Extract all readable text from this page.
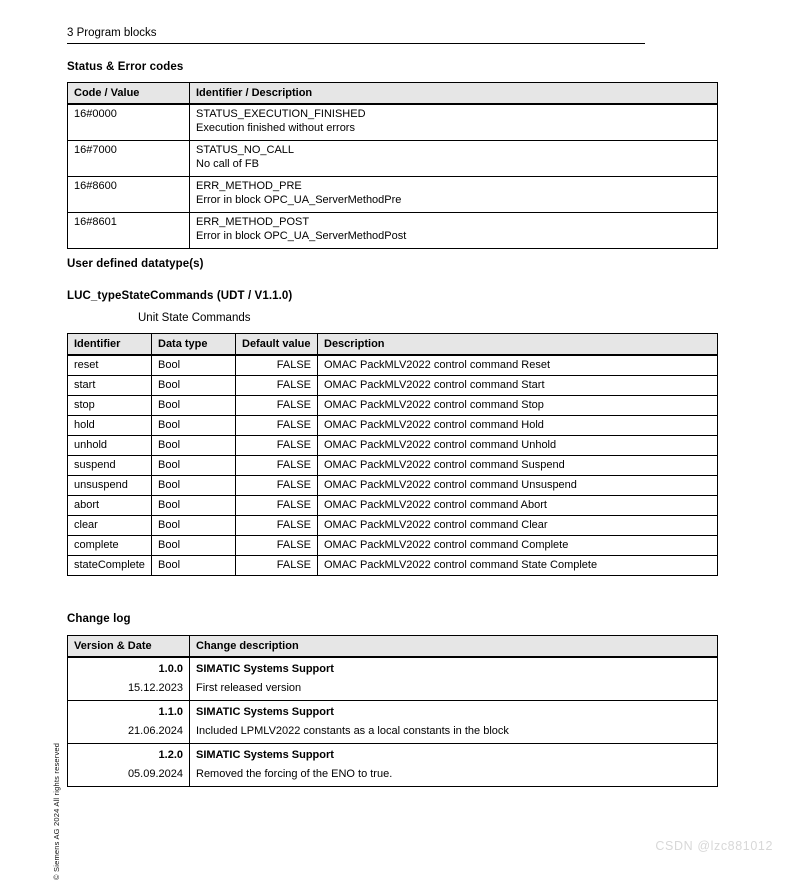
3 Program blocks
© Siemens AG 2024 All rights reserved
Status & Error codes
Code / Value	Identifier / Description
16#0000	STATUS_EXECUTION_FINISHED
Execution finished without errors

16#7000	STATUS_NO_CALL
No call of FB

16#8600	ERR_METHOD_PRE
Error in block OPC_UA_ServerMethodPre

16#8601	ERR_METHOD_POST
Error in block OPC_UA_ServerMethodPost
User defined datatype(s)
LUC_typeStateCommands (UDT / V1.1.0)
Unit State Commands
Identifier	Data type	Default value	Description
reset	Bool	FALSE	OMAC PackMLV2022 control command Reset
start	Bool	FALSE	OMAC PackMLV2022 control command Start
stop	Bool	FALSE	OMAC PackMLV2022 control command Stop
hold	Bool	FALSE	OMAC PackMLV2022 control command Hold
unhold	Bool	FALSE	OMAC PackMLV2022 control command Unhold
suspend	Bool	FALSE	OMAC PackMLV2022 control command Suspend
unsuspend	Bool	FALSE	OMAC PackMLV2022 control command Unsuspend
abort	Bool	FALSE	OMAC PackMLV2022 control command Abort
clear	Bool	FALSE	OMAC PackMLV2022 control command Clear
complete	Bool	FALSE	OMAC PackMLV2022 control command Complete
stateComplete	Bool	FALSE	OMAC PackMLV2022 control command State Complete
Change log
Version & Date	Change description
1.0.0	SIMATIC Systems Support
15.12.2023	First released version
1.1.0	SIMATIC Systems Support
21.06.2024	Included LPMLV2022 constants as a local constants in the block
1.2.0	SIMATIC Systems Support
05.09.2024	Removed the forcing of the ENO to true.
CSDN @lzc881012
